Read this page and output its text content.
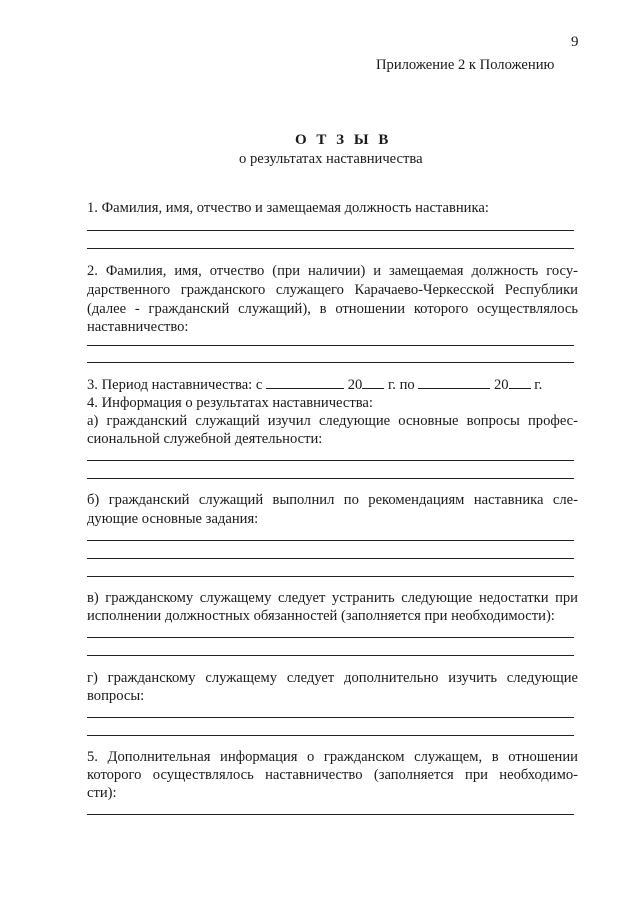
9
Приложение 2 к Положению
О Т З Ы В
о результатах наставничества
1. Фамилия, имя, отчество и замещаемая должность наставника:
2. Фамилия, имя, отчество (при наличии) и замещаемая должность госу-
дарственного гражданского служащего Карачаево-Черкесской Республики
(далее - гражданский служащий), в отношении которого осуществлялось
наставничество:
3. Период наставничества: с	20 г. по	20 г.
4. Информация о результатах наставничества:
а) гражданский служащий изучил следующие основные вопросы профес-
сиональной служебной деятельности:
б) гражданский служащий выполнил по рекомендациям наставника сле-
дующие основные задания:
в) гражданскому служащему следует устранить следующие недостатки при
исполнении должностных обязанностей (заполняется при необходимости):
г) гражданскому служащему следует дополнительно изучить следующие
вопросы:
5. Дополнительная информация о гражданском служащем, в отношении
которого осуществлялось наставничество (заполняется при необходимо-
сти):
